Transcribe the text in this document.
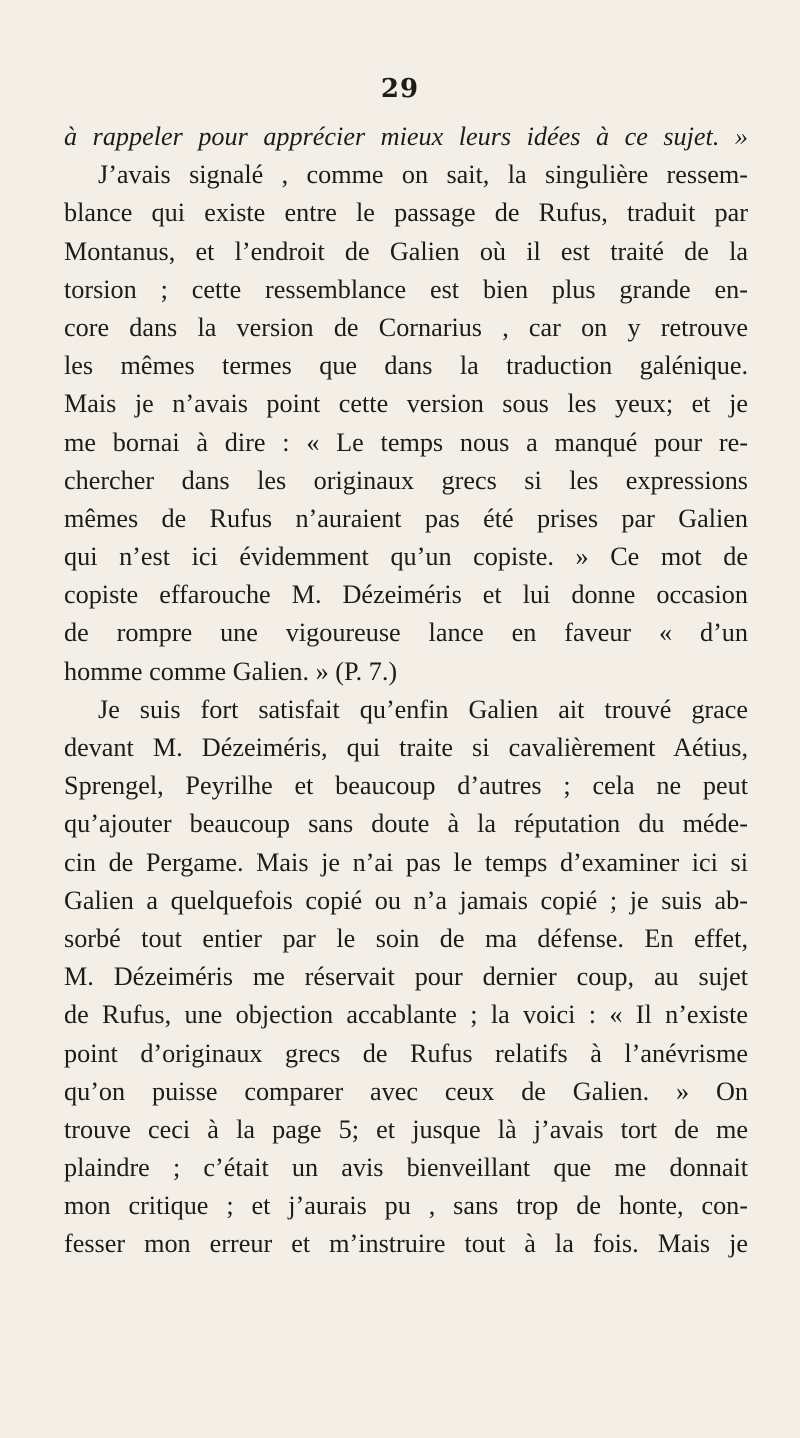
29
à rappeler pour apprécier mieux leurs idées à ce sujet. »
J’avais signalé , comme on sait, la singulière ressem-
blance qui existe entre le passage de Rufus, traduit par
Montanus, et l’endroit de Galien où il est traité de la
torsion ; cette ressemblance est bien plus grande en-
core dans la version de Cornarius , car on y retrouve
les mêmes termes que dans la traduction galénique.
Mais je n’avais point cette version sous les yeux; et je
me bornai à dire : « Le temps nous a manqué pour re-
chercher dans les originaux grecs si les expressions
mêmes de Rufus n’auraient pas été prises par Galien
qui n’est ici évidemment qu’un copiste. » Ce mot de
copiste effarouche M. Dézeiméris et lui donne occasion
de rompre une vigoureuse lance en faveur « d’un
homme comme Galien. » (P. 7.)
Je suis fort satisfait qu’enfin Galien ait trouvé grace
devant M. Dézeiméris, qui traite si cavalièrement Aétius,
Sprengel, Peyrilhe et beaucoup d’autres ; cela ne peut
qu’ajouter beaucoup sans doute à la réputation du méde-
cin de Pergame. Mais je n’ai pas le temps d’examiner ici si
Galien a quelquefois copié ou n’a jamais copié ; je suis ab-
sorbé tout entier par le soin de ma défense. En effet,
M. Dézeiméris me réservait pour dernier coup, au sujet
de Rufus, une objection accablante ; la voici : « Il n’existe
point d’originaux grecs de Rufus relatifs à l’anévrisme
qu’on puisse comparer avec ceux de Galien. » On
trouve ceci à la page 5; et jusque là j’avais tort de me
plaindre ; c’était un avis bienveillant que me donnait
mon critique ; et j’aurais pu , sans trop de honte, con-
fesser mon erreur et m’instruire tout à la fois. Mais je
